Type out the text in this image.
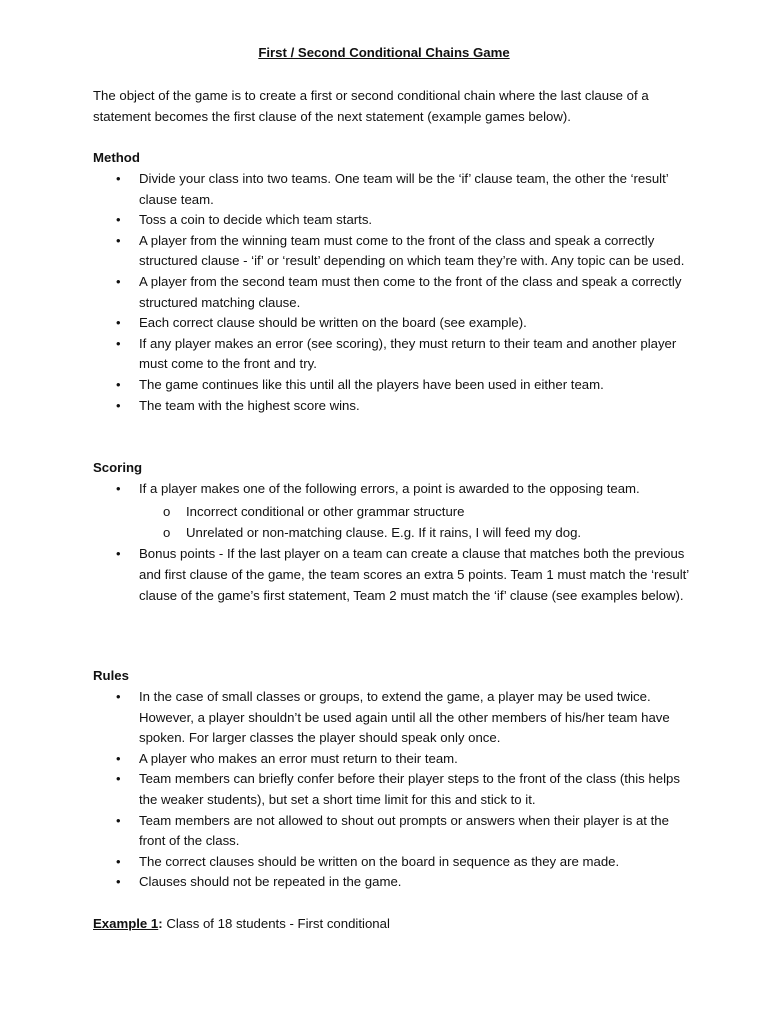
First / Second Conditional Chains Game

The object of the game is to create a first or second conditional chain where the last clause of a statement becomes the first clause of the next statement (example games below).

Method

• Divide your class into two teams. One team will be the ‘if’ clause team, the other the ‘result’ clause team.
• Toss a coin to decide which team starts.
• A player from the winning team must come to the front of the class and speak a correctly structured clause - ‘if’ or ‘result’ depending on which team they’re with. Any topic can be used.
• A player from the second team must then come to the front of the class and speak a correctly structured matching clause.
• Each correct clause should be written on the board (see example).
• If any player makes an error (see scoring), they must return to their team and another player must come to the front and try.
• The game continues like this until all the players have been used in either team.
• The team with the highest score wins.

Scoring

• If a player makes one of the following errors, a point is awarded to the opposing team.
o Incorrect conditional or other grammar structure
o Unrelated or non-matching clause. E.g. If it rains, I will feed my dog.
• Bonus points - If the last player on a team can create a clause that matches both the previous and first clause of the game, the team scores an extra 5 points. Team 1 must match the ‘result’ clause of the game’s first statement, Team 2 must match the ‘if’ clause (see examples below).

Rules

• In the case of small classes or groups, to extend the game, a player may be used twice. However, a player shouldn’t be used again until all the other members of his/her team have spoken. For larger classes the player should speak only once.
• A player who makes an error must return to their team.
• Team members can briefly confer before their player steps to the front of the class (this helps the weaker students), but set a short time limit for this and stick to it.
• Team members are not allowed to shout out prompts or answers when their player is at the front of the class.
• The correct clauses should be written on the board in sequence as they are made.
• Clauses should not be repeated in the game.

Example 1: Class of 18 students - First conditional
